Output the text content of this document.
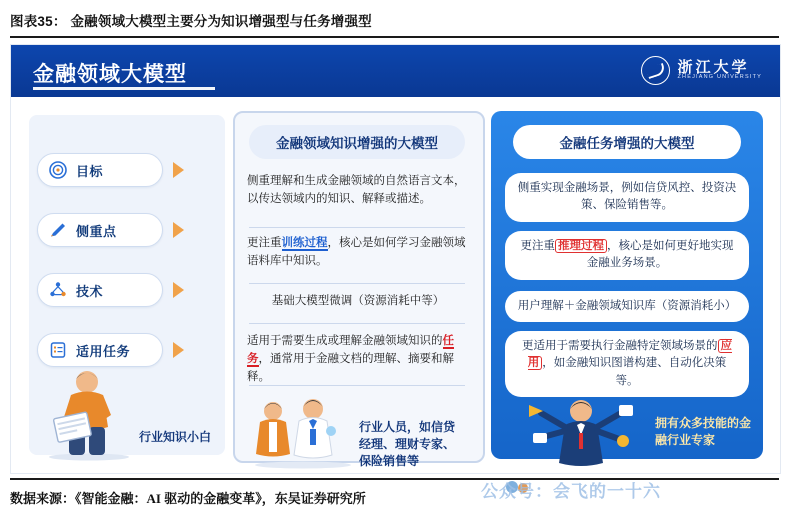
图表35： 金融领域大模型主要分为知识增强型与任务增强型
数据来源：《智能金融：AI 驱动的金融变革》，东吴证券研究所
金融领域大模型	浙江大学
ZHEJIANG UNIVERSITY
目标
侧重点
技术
适用任务
行业知识小白
金融领域知识增强的大模型
侧重理解和生成金融领域的自然语言文本，以传达领域内的知识、解释或描述。
更注重训练过程，核心是如何学习金融领域语料库中知识。
基础大模型微调（资源消耗中等）
适用于需要生成或理解金融领域知识的任务，通常用于金融文档的理解、摘要和解释。
行业人员，如信贷经理、理财专家、保险销售等
金融任务增强的大模型
侧重实现金融场景，例如信贷风控、投资决策、保险销售等。
更注重 推理过程 ，核心是如何更好地实现金融业务场景。
用户理解＋金融领域知识库（资源消耗小）
更适用于需要执行金融特定领域场景的 应用 ，如金融知识图谱构建、自动化决策等。
拥有众多技能的金融行业专家
公众号：会飞的一十六
